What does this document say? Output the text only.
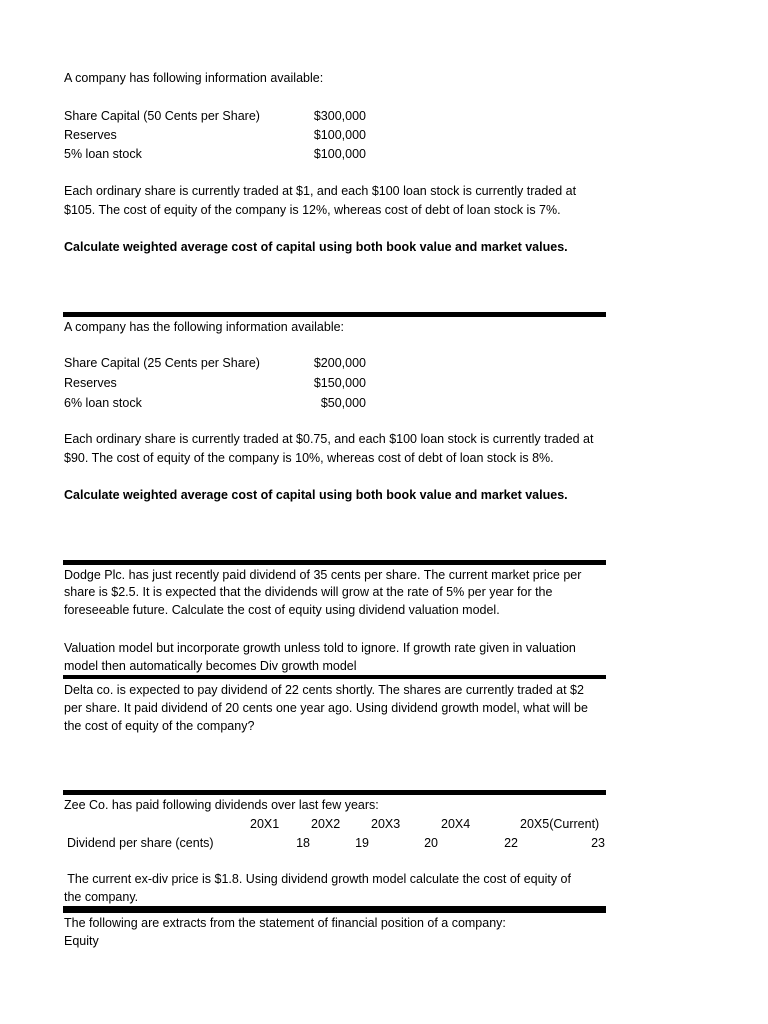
A company has following information available:
Share Capital (50 Cents per Share)	$300,000
Reserves	$100,000
5% loan stock	$100,000
Each ordinary share is currently traded at $1, and each $100 loan stock is currently traded at
$105. The cost of equity of the company is 12%, whereas cost of debt of loan stock is 7%.
Calculate weighted average cost of capital using both book value and market values.
A company has the following information available:
Share Capital (25 Cents per Share)	$200,000
Reserves	$150,000
6% loan stock	$50,000
Each ordinary share is currently traded at $0.75, and each $100 loan stock is currently traded at
$90. The cost of equity of the company is 10%, whereas cost of debt of loan stock is 8%.
Calculate weighted average cost of capital using both book value and market values.
Dodge Plc. has just recently paid dividend of 35 cents per share. The current market price per
share is $2.5. It is expected that the dividends will grow at the rate of 5% per year for the
foreseeable future. Calculate the cost of equity using dividend valuation model.
Valuation model but incorporate growth unless told to ignore. If growth rate given in valuation
model then automatically becomes Div growth model
Delta co. is expected to pay dividend of 22 cents shortly. The shares are currently traded at $2
per share. It paid dividend of 20 cents one year ago. Using dividend growth model, what will be
the cost of equity of the company?
Zee Co. has paid following dividends over last few years:
20X1	20X2 20X3	20X4	20X5(Current)
Dividend per share (cents)	18	19	20	22	23
The current ex-div price is $1.8. Using dividend growth model calculate the cost of equity of
the company.
The following are extracts from the statement of financial position of a company:
Equity
